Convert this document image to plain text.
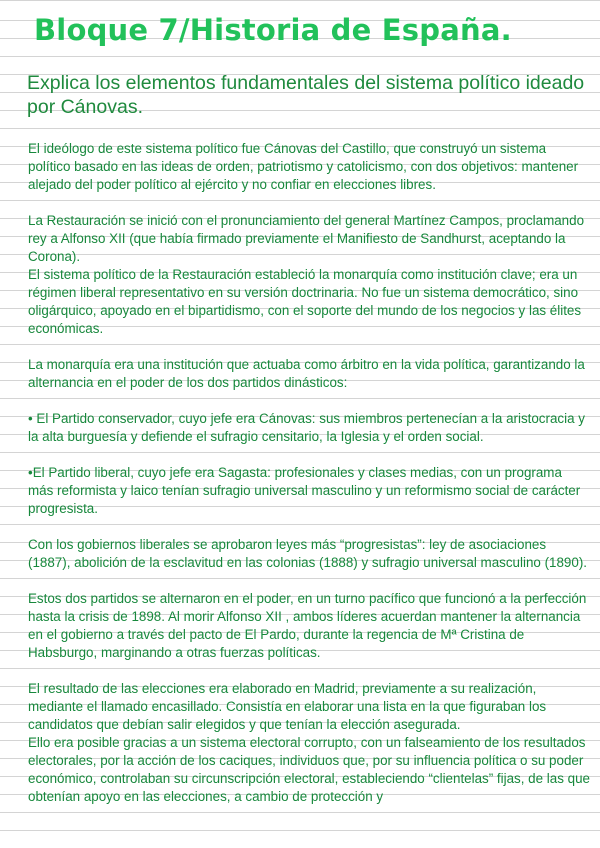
Bloque 7/Historia de España.
Explica los elementos fundamentales del sistema político ideado por Cánovas.

El ideólogo de este sistema político fue Cánovas del Castillo, que construyó un sistema político basado en las ideas de orden, patriotismo y catolicismo, con dos objetivos: mantener alejado del poder político al ejército y no confiar en elecciones libres.

La Restauración se inició con el pronunciamiento del general Martínez Campos, proclamando rey a Alfonso XII (que había firmado previamente el Manifiesto de Sandhurst, aceptando la Corona).

El sistema político de la Restauración estableció la monarquía como institución clave; era un régimen liberal representativo en su versión doctrinaria. No fue un sistema democrático, sino oligárquico, apoyado en el bipartidismo, con el soporte del mundo de los negocios y las élites económicas.

La monarquía era una institución que actuaba como árbitro en la vida política, garantizando la alternancia en el poder de los dos partidos dinásticos:

• El Partido conservador, cuyo jefe era Cánovas: sus miembros pertenecían a la aristocracia y la alta burguesía y defiende el sufragio censitario, la Iglesia y el orden social.

•El Partido liberal, cuyo jefe era Sagasta: profesionales y clases medias, con un programa más reformista y laico tenían sufragio universal masculino y un reformismo social de carácter progresista.

Con los gobiernos liberales se aprobaron leyes más “progresistas”: ley de asociaciones (1887), abolición de la esclavitud en las colonias (1888) y sufragio universal masculino (1890).

Estos dos partidos se alternaron en el poder, en un turno pacífico que funcionó a la perfección hasta la crisis de 1898. Al morir Alfonso XII , ambos líderes acuerdan mantener la alternancia en el gobierno a través del pacto de El Pardo, durante la regencia de Mª Cristina de Habsburgo, marginando a otras fuerzas políticas.

El resultado de las elecciones era elaborado en Madrid, previamente a su realización, mediante el llamado encasillado. Consistía en elaborar una lista en la que figuraban los candidatos que debían salir elegidos y que tenían la elección asegurada.

Ello era posible gracias a un sistema electoral corrupto, con un falseamiento de los resultados electorales, por la acción de los caciques, individuos que, por su influencia política o su poder económico, controlaban su circunscripción electoral, estableciendo “clientelas” fijas, de las que obtenían apoyo en las elecciones, a cambio de protección y
